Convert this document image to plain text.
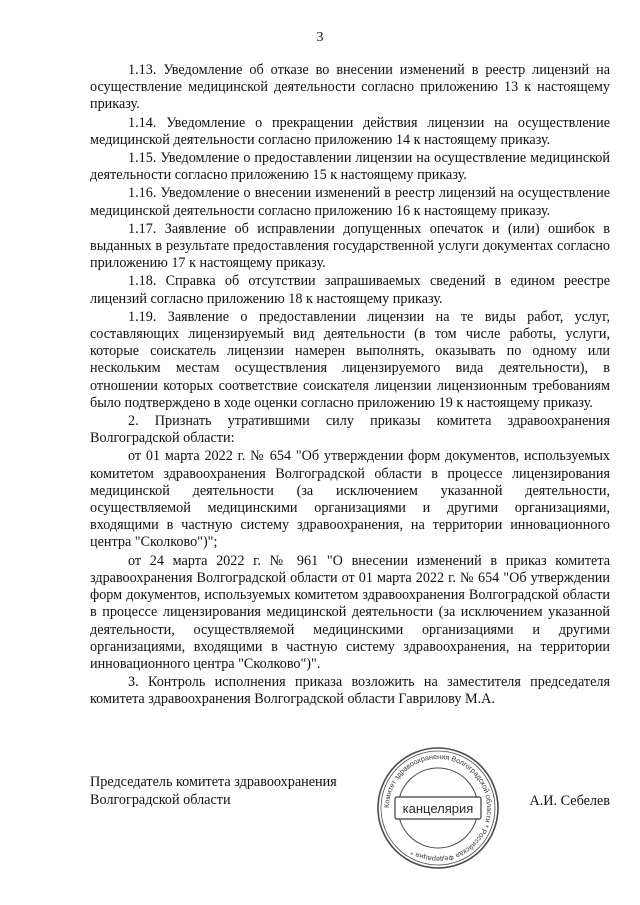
3

1.13. Уведомление об отказе во внесении изменений в реестр лицензий на осуществление медицинской деятельности согласно приложению 13 к настоящему приказу.

1.14. Уведомление о прекращении действия лицензии на осуществление медицинской деятельности согласно приложению 14 к настоящему приказу.

1.15. Уведомление о предоставлении лицензии на осуществление медицинской деятельности согласно приложению 15 к настоящему приказу.

1.16. Уведомление о внесении изменений в реестр лицензий на осуществление медицинской деятельности согласно приложению 16 к настоящему приказу.

1.17. Заявление об исправлении допущенных опечаток и (или) ошибок в выданных в результате предоставления государственной услуги документах согласно приложению 17 к настоящему приказу.

1.18. Справка об отсутствии запрашиваемых сведений в едином реестре лицензий согласно приложению 18 к настоящему приказу.

1.19. Заявление о предоставлении лицензии на те виды работ, услуг, составляющих лицензируемый вид деятельности (в том числе работы, услуги, которые соискатель лицензии намерен выполнять, оказывать по одному или нескольким местам осуществления лицензируемого вида деятельности), в отношении которых соответствие соискателя лицензии лицензионным требованиям было подтверждено в ходе оценки согласно приложению 19 к настоящему приказу.

2. Признать утратившими силу приказы комитета здравоохранения Волгоградской области:

от 01 марта 2022 г. № 654 "Об утверждении форм документов, используемых комитетом здравоохранения Волгоградской области в процессе лицензирования медицинской деятельности (за исключением указанной деятельности, осуществляемой медицинскими организациями и другими организациями, входящими в частную систему здравоохранения, на территории инновационного центра "Сколково")";

от 24 марта 2022 г. № 961 "О внесении изменений в приказ комитета здравоохранения Волгоградской области от 01 марта 2022 г. № 654 "Об утверждении форм документов, используемых комитетом здравоохранения Волгоградской области в процессе лицензирования медицинской деятельности (за исключением указанной деятельности, осуществляемой медицинскими организациями и другими организациями, входящими в частную систему здравоохранения, на территории инновационного центра "Сколково")".

3. Контроль исполнения приказа возложить на заместителя председателя комитета здравоохранения Волгоградской области Гаврилову М.А.

Председатель комитета здравоохранения Волгоградской области	А.И. Себелев
Комитет здравоохранения Волгоградской области * Российская Федерация *
канцелярия
